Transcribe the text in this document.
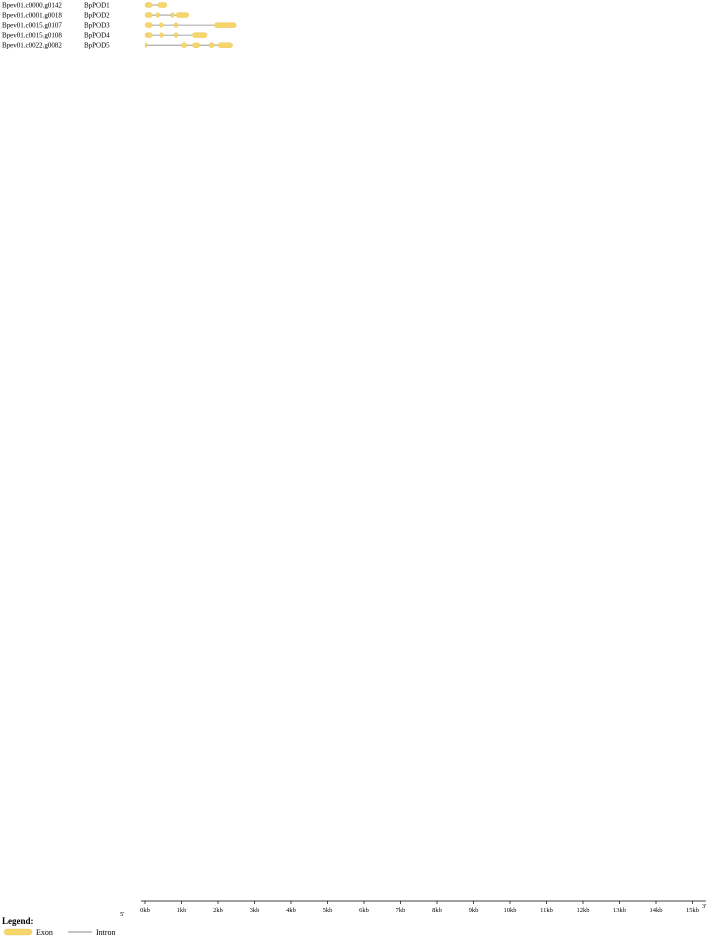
Bpev01.c0000.g0142	BpPOD1
Bpev01.c0001.g0018	BpPOD2
Bpev01.c0015.g0107	BpPOD3
Bpev01.c0015.g0108	BpPOD4
Bpev01.c0022.g0082	BpPOD5
0kb	1kb	2kb	3kb	4kb	5kb	6kb	7kb	8kb	9kb	10kb	11kb	12kb	13kb	14kb	15kb
5'
3'
Legend:
Exon	Intron
